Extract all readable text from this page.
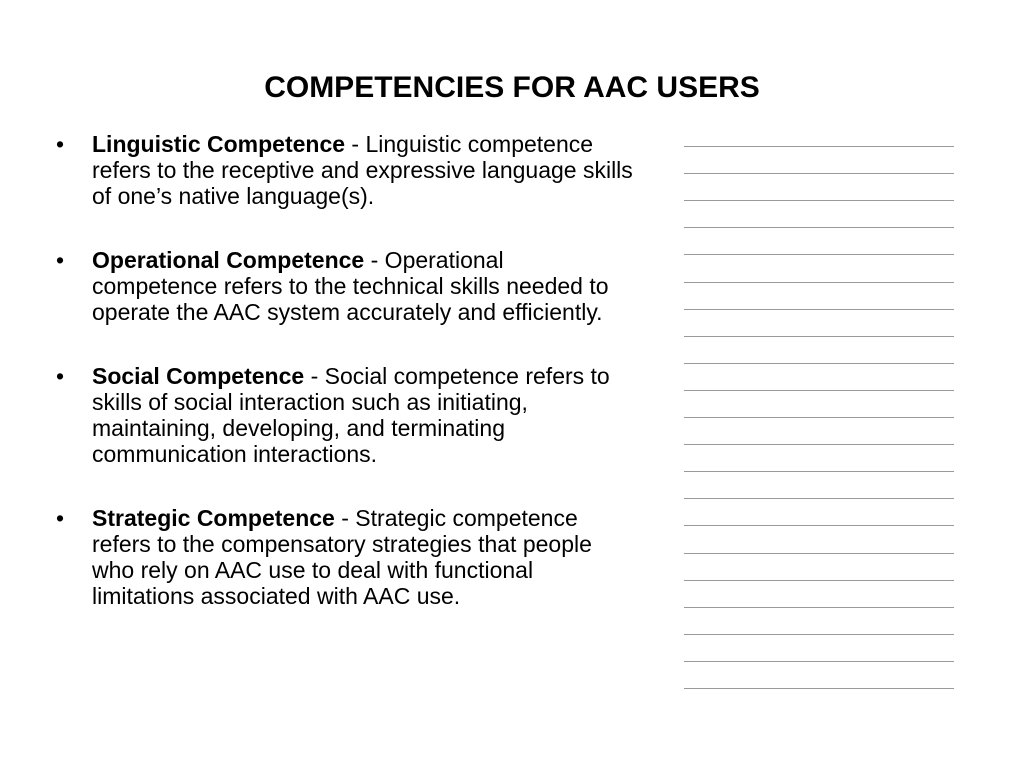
COMPETENCIES FOR AAC USERS
• Linguistic Competence - Linguistic competence refers to the receptive and expressive language skills of one’s native language(s).
• Operational Competence - Operational competence refers to the technical skills needed to operate the AAC system accurately and efficiently.
• Social Competence - Social competence refers to skills of social interaction such as initiating, maintaining, developing, and terminating communication interactions.
• Strategic Competence - Strategic competence refers to the compensatory strategies that people who rely on AAC use to deal with functional limitations associated with AAC use.
